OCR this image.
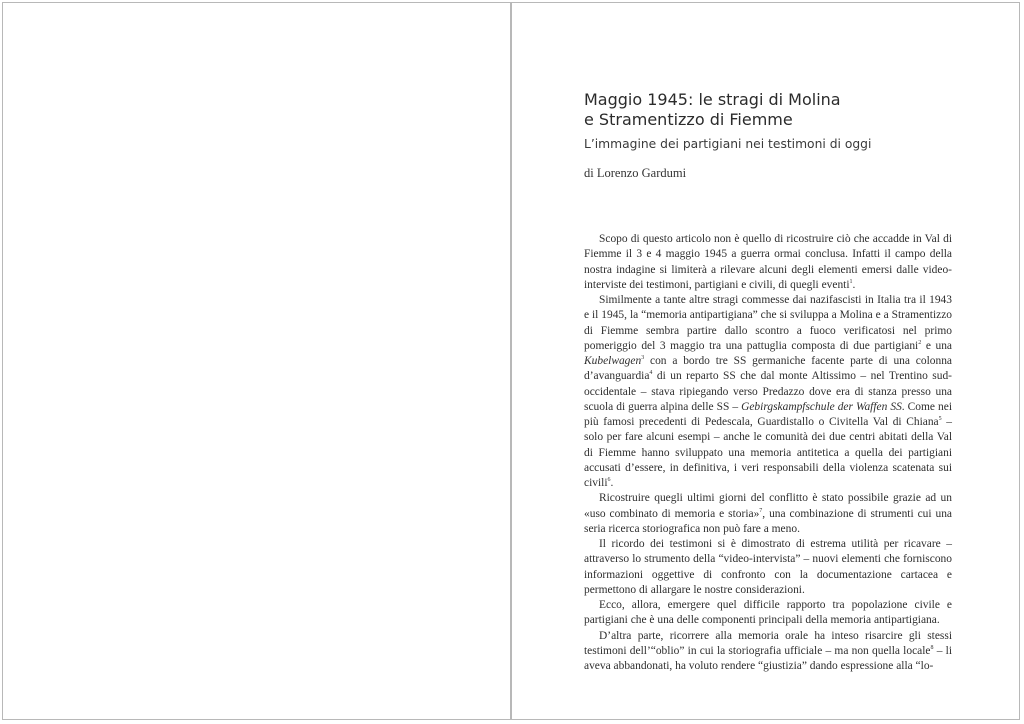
Maggio 1945: le stragi di Molina
e Stramentizzo di Fiemme

L’immagine dei partigiani nei testimoni di oggi

di Lorenzo Gardumi

Scopo di questo articolo non è quello di ricostruire ciò che accadde in Val di Fiemme il 3 e 4 maggio 1945 a guerra ormai conclusa. Infatti il campo della nostra indagine si limiterà a rilevare alcuni degli elementi emersi dalle video-interviste dei testimoni, partigiani e civili, di quegli eventi$^1$.

Similmente a tante altre stragi commesse dai nazifascisti in Italia tra il 1943 e il 1945, la “memoria antipartigiana” che si sviluppa a Molina e a Stramentizzo di Fiemme sembra partire dallo scontro a fuoco verificatosi nel primo pomeriggio del 3 maggio tra una pattuglia composta di due partigiani$^2$ e una Kubelwagen$^3$ con a bordo tre SS germaniche facente parte di una colonna d’avanguardia$^4$ di un reparto SS che dal monte Altissimo – nel Trentino sud-occidentale – stava ripiegando verso Predazzo dove era di stanza presso una scuola di guerra alpina delle SS – Gebirgskampfschule der Waffen SS. Come nei più famosi precedenti di Pedescala, Guardistallo o Civitella Val di Chiana$^5$ – solo per fare alcuni esempi – anche le comunità dei due centri abitati della Val di Fiemme hanno sviluppato una memoria antitetica a quella dei partigiani accusati d’essere, in definitiva, i veri responsabili della violenza scatenata sui civili$^6$.

Ricostruire quegli ultimi giorni del conflitto è stato possibile grazie ad un «uso combinato di memoria e storia»$^7$, una combinazione di strumenti cui una seria ricerca storiografica non può fare a meno.

Il ricordo dei testimoni si è dimostrato di estrema utilità per ricavare – attraverso lo strumento della “video-intervista” – nuovi elementi che forniscono informazioni oggettive di confronto con la documentazione cartacea e permettono di allargare le nostre considerazioni.

Ecco, allora, emergere quel difficile rapporto tra popolazione civile e partigiani che è una delle componenti principali della memoria antipartigiana.

D’altra parte, ricorrere alla memoria orale ha inteso risarcire gli stessi testimoni dell’“oblio” in cui la storiografia ufficiale – ma non quella locale$^8$ – li aveva abbandonati, ha voluto rendere “giustizia” dando espressione alla “lo-
